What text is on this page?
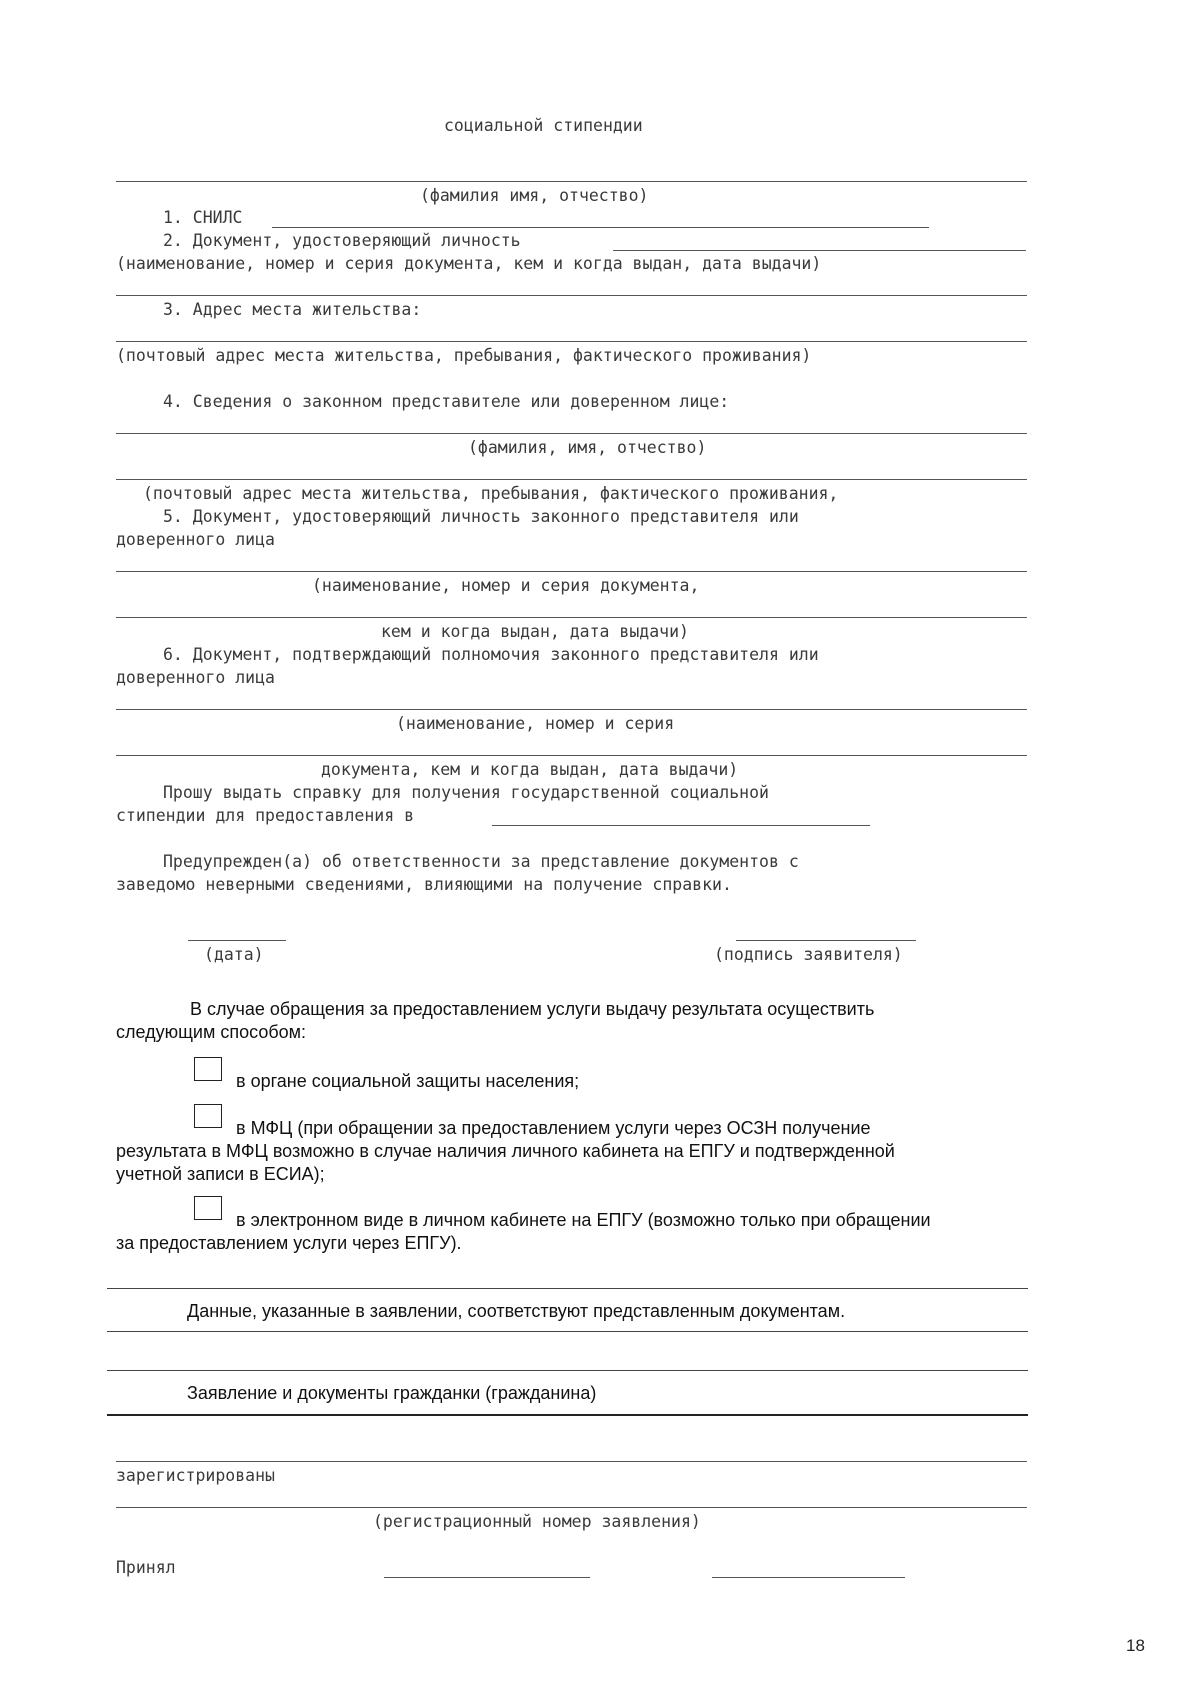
социальной стипендии
(фамилия имя, отчество)
1. СНИЛС
2. Документ, удостоверяющий личность
(наименование, номер и серия документа, кем и когда выдан, дата выдачи)
3. Адрес места жительства:
(почтовый адрес места жительства, пребывания, фактического проживания)
4. Сведения о законном представителе или доверенном лице:
(фамилия, имя, отчество)
(почтовый адрес места жительства, пребывания, фактического проживания,
5. Документ, удостоверяющий личность законного представителя или
доверенного лица
(наименование, номер и серия документа,
кем и когда выдан, дата выдачи)
6. Документ, подтверждающий полномочия законного представителя или
доверенного лица
(наименование, номер и серия
документа, кем и когда выдан, дата выдачи)
Прошу выдать справку для получения государственной социальной
стипендии для предоставления в
Предупрежден(а) об ответственности за представление документов с
заведомо неверными сведениями, влияющими на получение справки.
(дата)	(подпись заявителя)
В случае обращения за предоставлением услуги выдачу результата осуществить
следующим способом:
в органе социальной защиты населения;
в МФЦ (при обращении за предоставлением услуги через ОСЗН получение
результата в МФЦ возможно в случае наличия личного кабинета на ЕПГУ и подтвержденной
учетной записи в ЕСИА);
в электронном виде в личном кабинете на ЕПГУ (возможно только при обращении
за предоставлением услуги через ЕПГУ).
Данные, указанные в заявлении, соответствуют представленным документам.
Заявление и документы гражданки (гражданина)
зарегистрированы
(регистрационный номер заявления)
Принял
18
